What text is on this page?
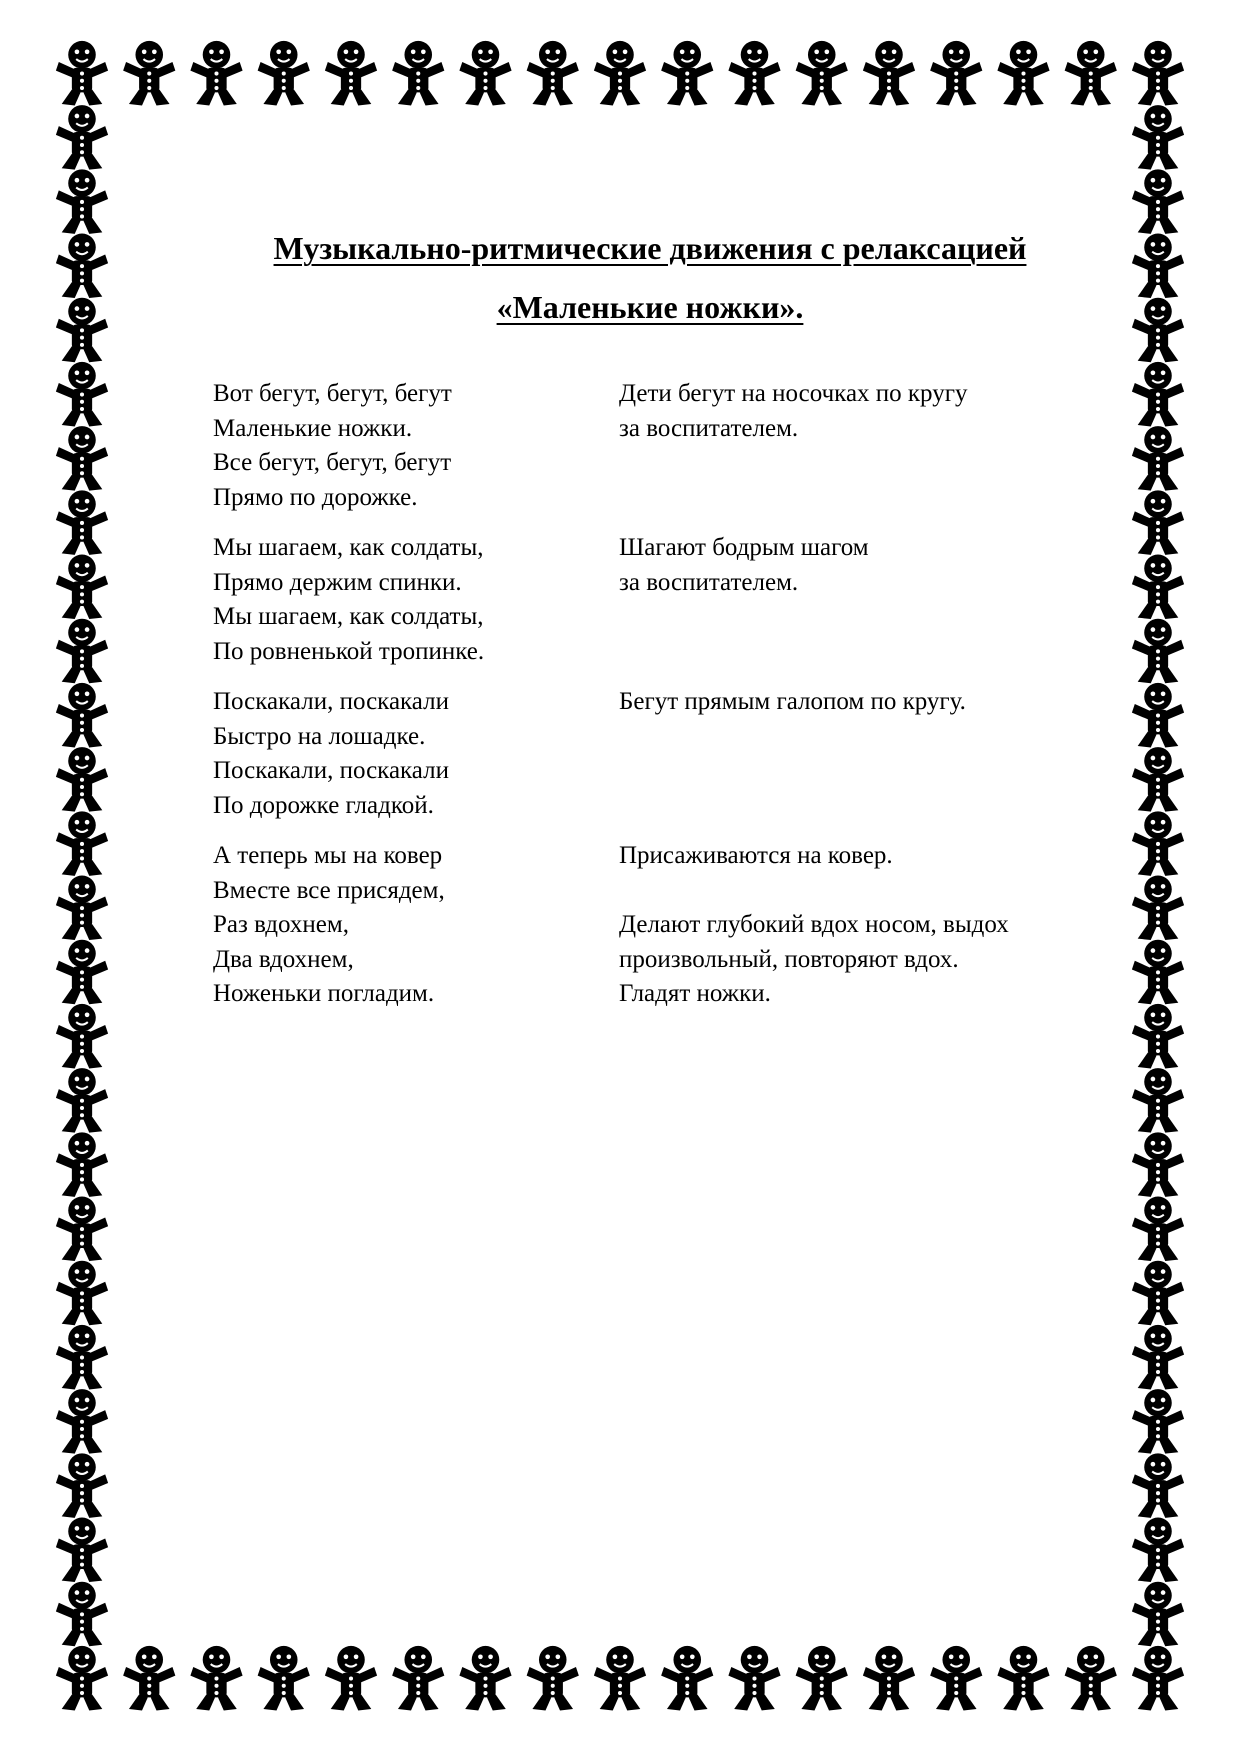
Музыкально-ритмические движения с релаксацией
«Маленькие ножки».
Вот бегут, бегут, бегут
Маленькие ножки.
Все бегут, бегут, бегут
Прямо по дорожке.
Дети бегут на носочках по кругу
за воспитателем.
Мы шагаем, как солдаты,
Прямо держим спинки.
Мы шагаем, как солдаты,
По ровненькой тропинке.
Шагают бодрым шагом
за воспитателем.
Поскакали, поскакали
Быстро на лошадке.
Поскакали, поскакали
По дорожке гладкой.
Бегут прямым галопом по кругу.
А теперь мы на ковер
Вместе все присядем,
Раз вдохнем,
Два вдохнем,
Ноженьки погладим.
Присаживаются на ковер.
Делают глубокий вдох носом, выдох
произвольный, повторяют вдох.
Гладят ножки.
